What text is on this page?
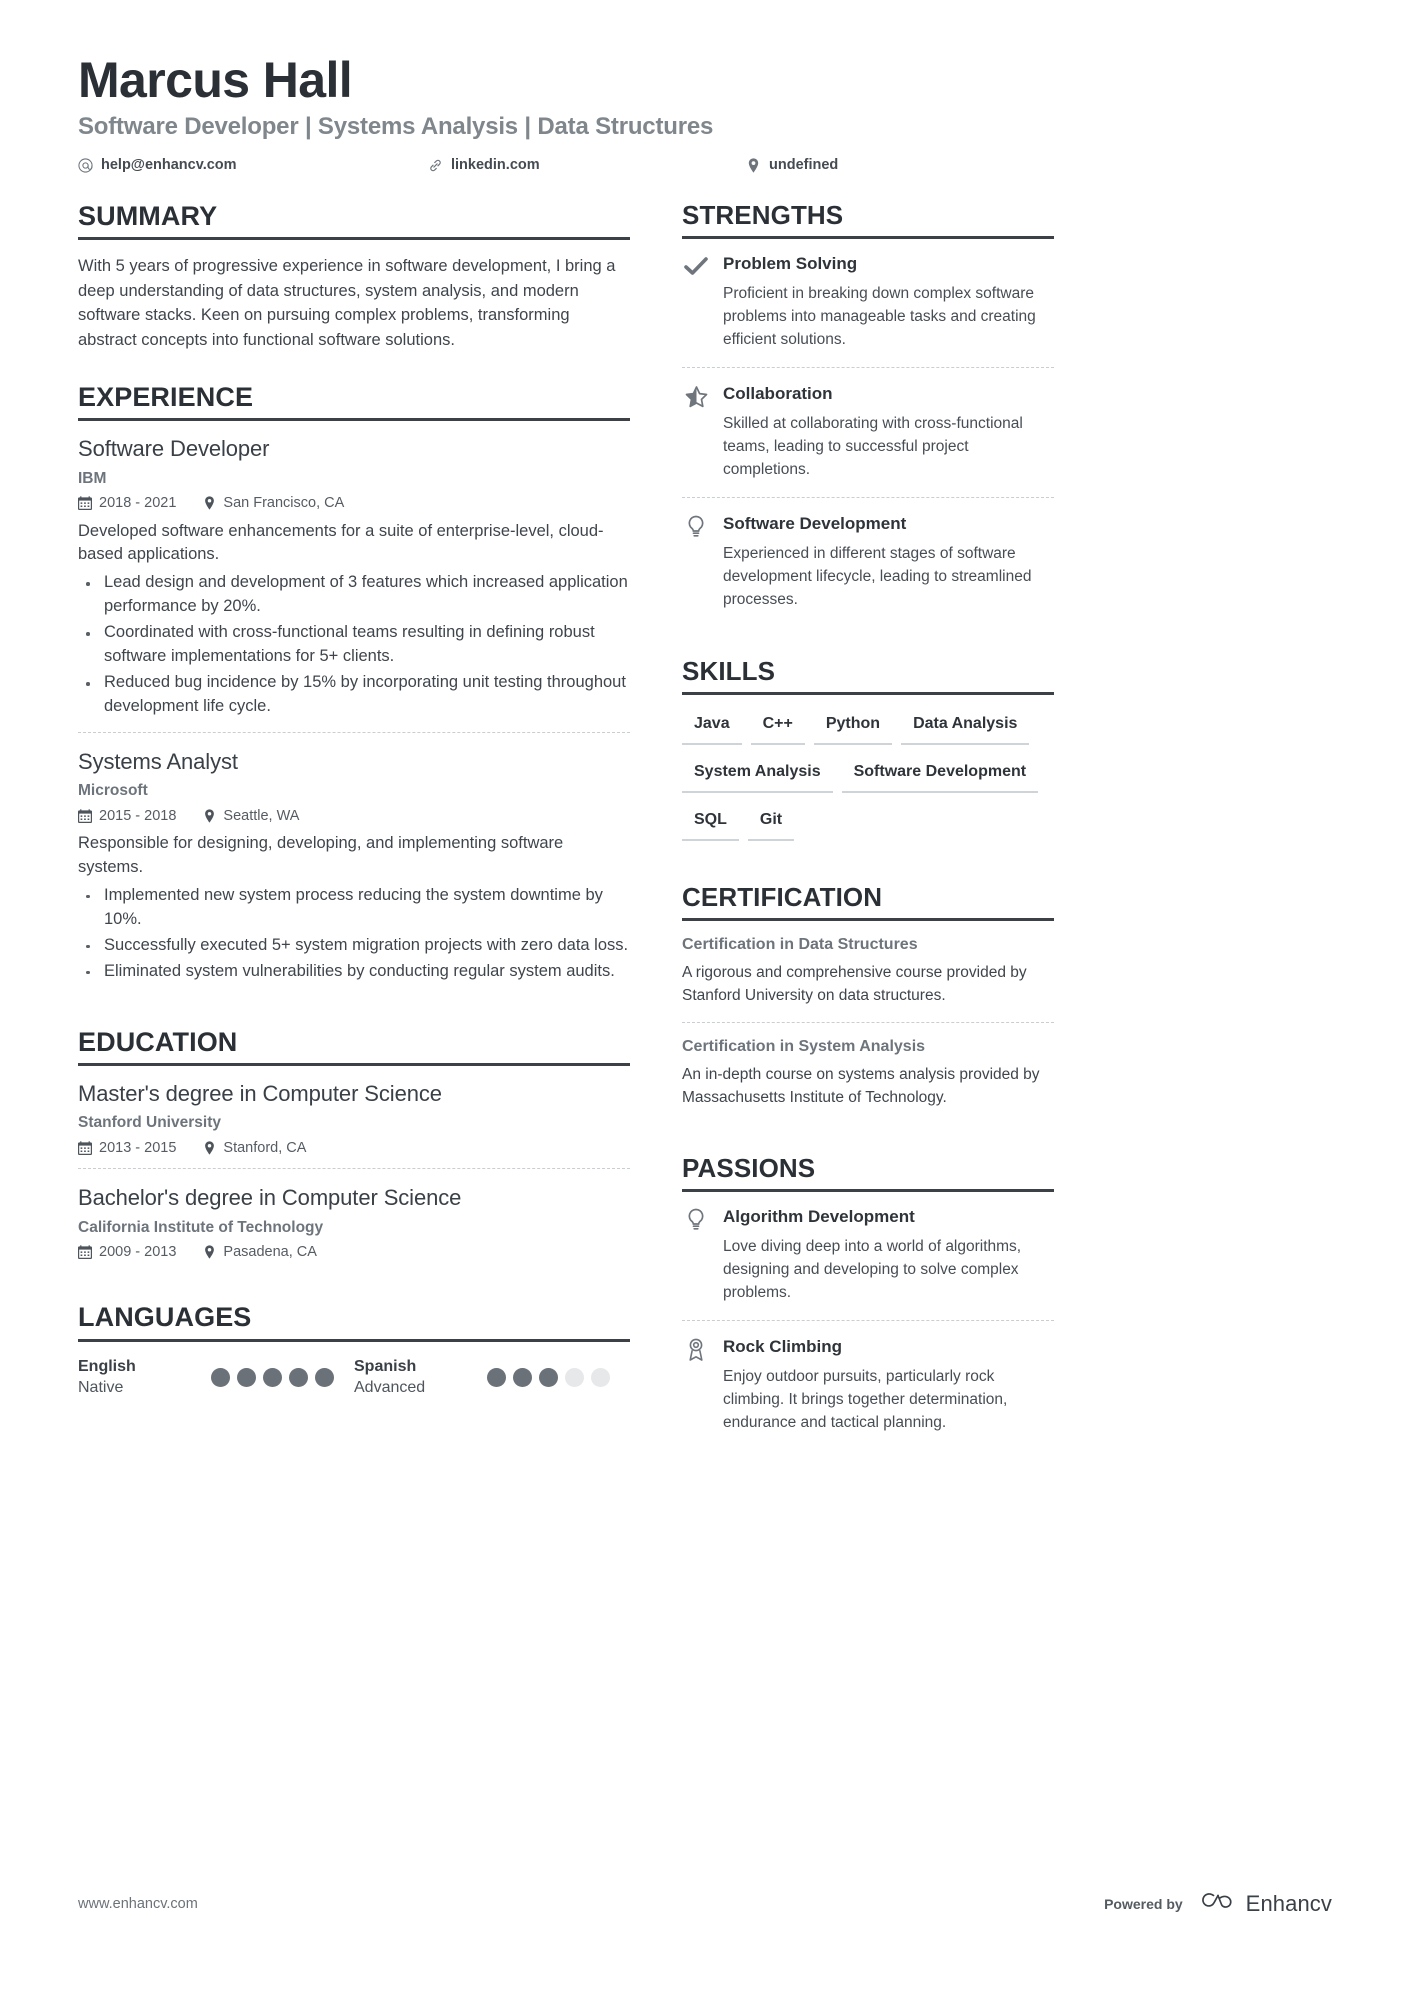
Marcus Hall
Software Developer | Systems Analysis | Data Structures
help@enhancv.com	linkedin.com	undefined
SUMMARY
With 5 years of progressive experience in software development, I bring a deep understanding of data structures, system analysis, and modern software stacks. Keen on pursuing complex problems, transforming abstract concepts into functional software solutions.
EXPERIENCE
Software Developer
IBM
2018 - 2021	San Francisco, CA
Developed software enhancements for a suite of enterprise-level, cloud-based applications.
Lead design and development of 3 features which increased application performance by 20%.
Coordinated with cross-functional teams resulting in defining robust software implementations for 5+ clients.
Reduced bug incidence by 15% by incorporating unit testing throughout development life cycle.
Systems Analyst
Microsoft
2015 - 2018	Seattle, WA
Responsible for designing, developing, and implementing software systems.
Implemented new system process reducing the system downtime by 10%.
Successfully executed 5+ system migration projects with zero data loss.
Eliminated system vulnerabilities by conducting regular system audits.
EDUCATION
Master's degree in Computer Science
Stanford University
2013 - 2015	Stanford, CA
Bachelor's degree in Computer Science
California Institute of Technology
2009 - 2013	Pasadena, CA
LANGUAGES
English
Native
Spanish
Advanced
STRENGTHS
Problem Solving
Proficient in breaking down complex software problems into manageable tasks and creating efficient solutions.
Collaboration
Skilled at collaborating with cross-functional teams, leading to successful project completions.
Software Development
Experienced in different stages of software development lifecycle, leading to streamlined processes.
SKILLS
Java	C++	Python	Data Analysis
System Analysis	Software Development
SQL	Git
CERTIFICATION
Certification in Data Structures
A rigorous and comprehensive course provided by Stanford University on data structures.
Certification in System Analysis
An in-depth course on systems analysis provided by Massachusetts Institute of Technology.
PASSIONS
Algorithm Development
Love diving deep into a world of algorithms, designing and developing to solve complex problems.
Rock Climbing
Enjoy outdoor pursuits, particularly rock climbing. It brings together determination, endurance and tactical planning.
www.enhancv.com	Powered by	Enhancv
